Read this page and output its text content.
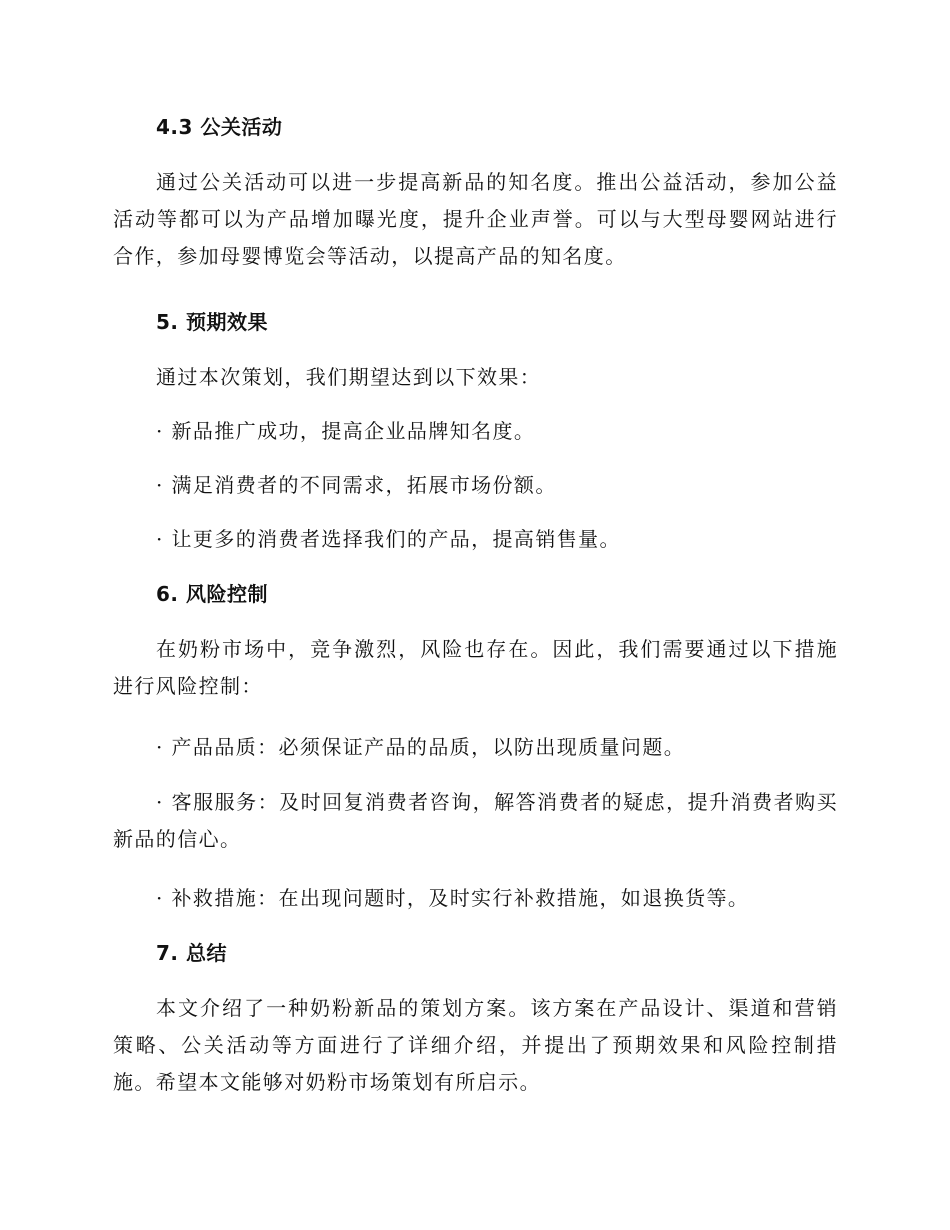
4.3 公关活动

通过公关活动可以进一步提高新品的知名度。推出公益活动，参加公益活动等都可以为产品增加曝光度，提升企业声誉。可以与大型母婴网站进行合作，参加母婴博览会等活动，以提高产品的知名度。

5. 预期效果

通过本次策划，我们期望达到以下效果：

· 新品推广成功，提高企业品牌知名度。

· 满足消费者的不同需求，拓展市场份额。

· 让更多的消费者选择我们的产品，提高销售量。

6. 风险控制

在奶粉市场中，竞争激烈，风险也存在。因此，我们需要通过以下措施进行风险控制：

· 产品品质：必须保证产品的品质，以防出现质量问题。

· 客服服务：及时回复消费者咨询，解答消费者的疑虑，提升消费者购买新品的信心。

· 补救措施：在出现问题时，及时实行补救措施，如退换货等。

7. 总结

本文介绍了一种奶粉新品的策划方案。该方案在产品设计、渠道和营销策略、公关活动等方面进行了详细介绍，并提出了预期效果和风险控制措施。希望本文能够对奶粉市场策划有所启示。
